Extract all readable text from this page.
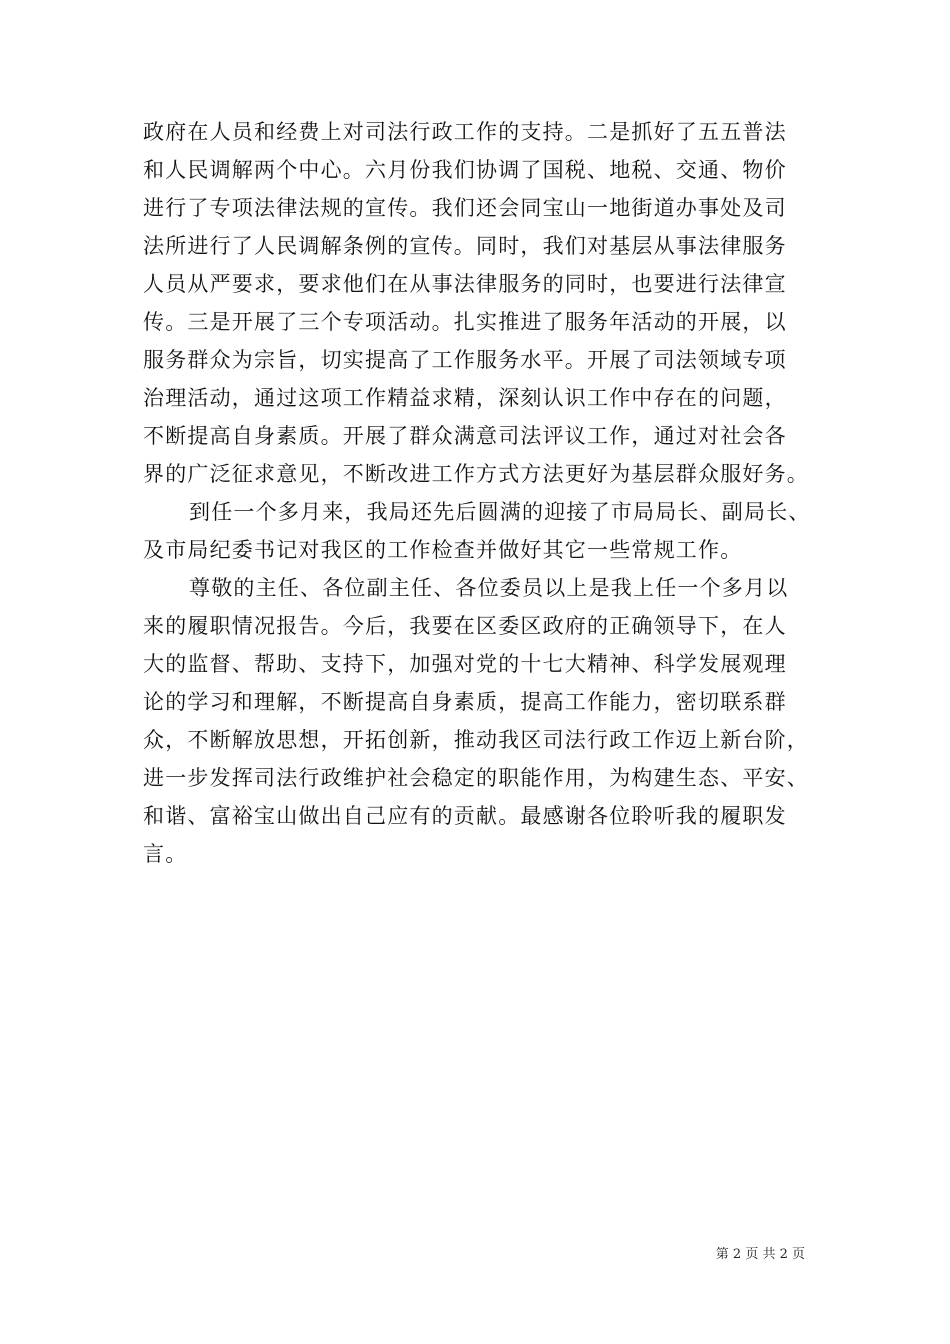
政府在人员和经费上对司法行政工作的支持。二是抓好了五五普法
和人民调解两个中心。六月份我们协调了国税、地税、交通、物价
进行了专项法律法规的宣传。我们还会同宝山一地街道办事处及司
法所进行了人民调解条例的宣传。同时，我们对基层从事法律服务
人员从严要求，要求他们在从事法律服务的同时，也要进行法律宣
传。三是开展了三个专项活动。扎实推进了服务年活动的开展，以
服务群众为宗旨，切实提高了工作服务水平。开展了司法领域专项
治理活动，通过这项工作精益求精，深刻认识工作中存在的问题，
不断提高自身素质。开展了群众满意司法评议工作，通过对社会各
界的广泛征求意见，不断改进工作方式方法更好为基层群众服好务。
到任一个多月来，我局还先后圆满的迎接了市局局长、副局长、
及市局纪委书记对我区的工作检查并做好其它一些常规工作。
尊敬的主任、各位副主任、各位委员以上是我上任一个多月以
来的履职情况报告。今后，我要在区委区政府的正确领导下，在人
大的监督、帮助、支持下，加强对党的十七大精神、科学发展观理
论的学习和理解，不断提高自身素质，提高工作能力，密切联系群
众，不断解放思想，开拓创新，推动我区司法行政工作迈上新台阶，
进一步发挥司法行政维护社会稳定的职能作用，为构建生态、平安、
和谐、富裕宝山做出自己应有的贡献。最感谢各位聆听我的履职发
言。
第 2 页 共 2 页
